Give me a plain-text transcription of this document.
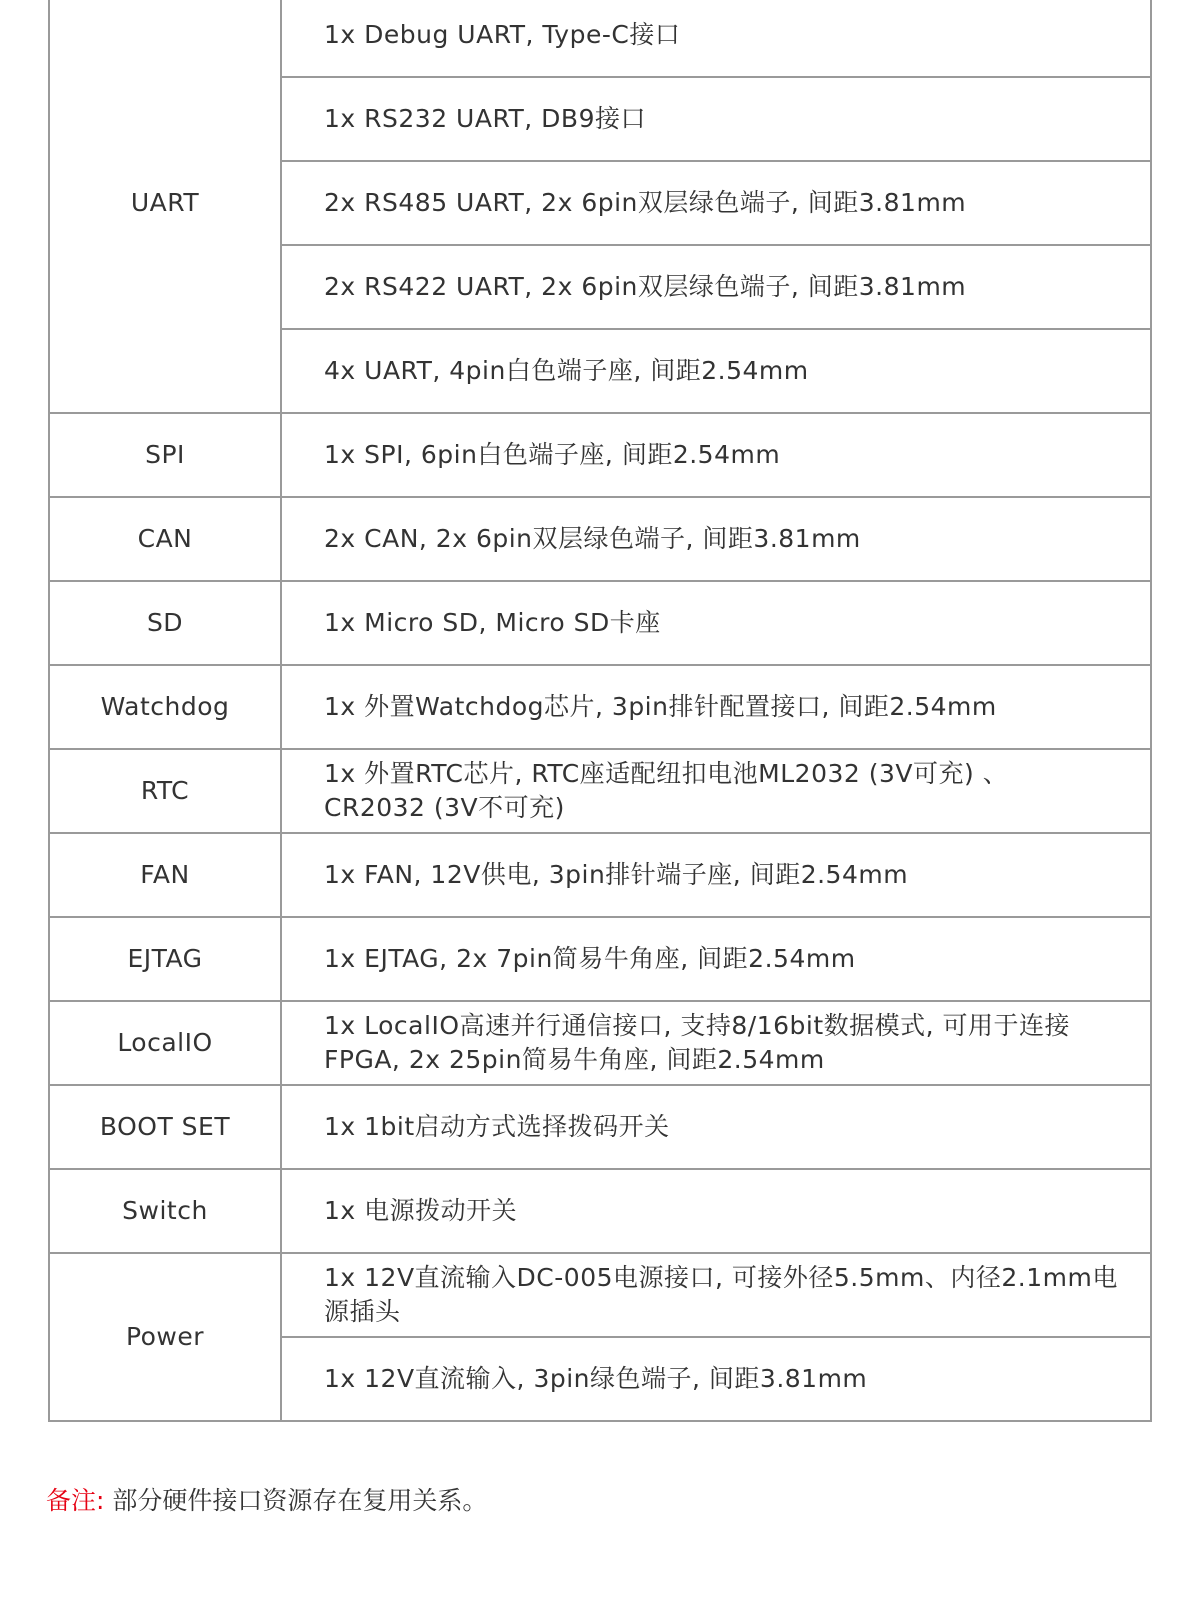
UART	1x Debug UART, Type-C接口
	1x RS232 UART, DB9接口
	2x RS485 UART, 2x 6pin双层绿色端子, 间距3.81mm
	2x RS422 UART, 2x 6pin双层绿色端子, 间距3.81mm
	4x UART, 4pin白色端子座, 间距2.54mm
SPI	1x SPI, 6pin白色端子座, 间距2.54mm
CAN	2x CAN, 2x 6pin双层绿色端子, 间距3.81mm
SD	1x Micro SD, Micro SD卡座
Watchdog	1x 外置Watchdog芯片, 3pin排针配置接口, 间距2.54mm
RTC	1x 外置RTC芯片, RTC座适配纽扣电池ML2032 (3V可充) 、
CR2032 (3V不可充)
FAN	1x FAN, 12V供电, 3pin排针端子座, 间距2.54mm
EJTAG	1x EJTAG, 2x 7pin简易牛角座, 间距2.54mm
LocalIO	1x LocalIO高速并行通信接口, 支持8/16bit数据模式, 可用于连接
FPGA, 2x 25pin简易牛角座, 间距2.54mm
BOOT SET	1x 1bit启动方式选择拨码开关
Switch	1x 电源拨动开关
Power	1x 12V直流输入DC-005电源接口, 可接外径5.5mm、内径2.1mm电源插头
	1x 12V直流输入, 3pin绿色端子, 间距3.81mm
备注: 部分硬件接口资源存在复用关系。
